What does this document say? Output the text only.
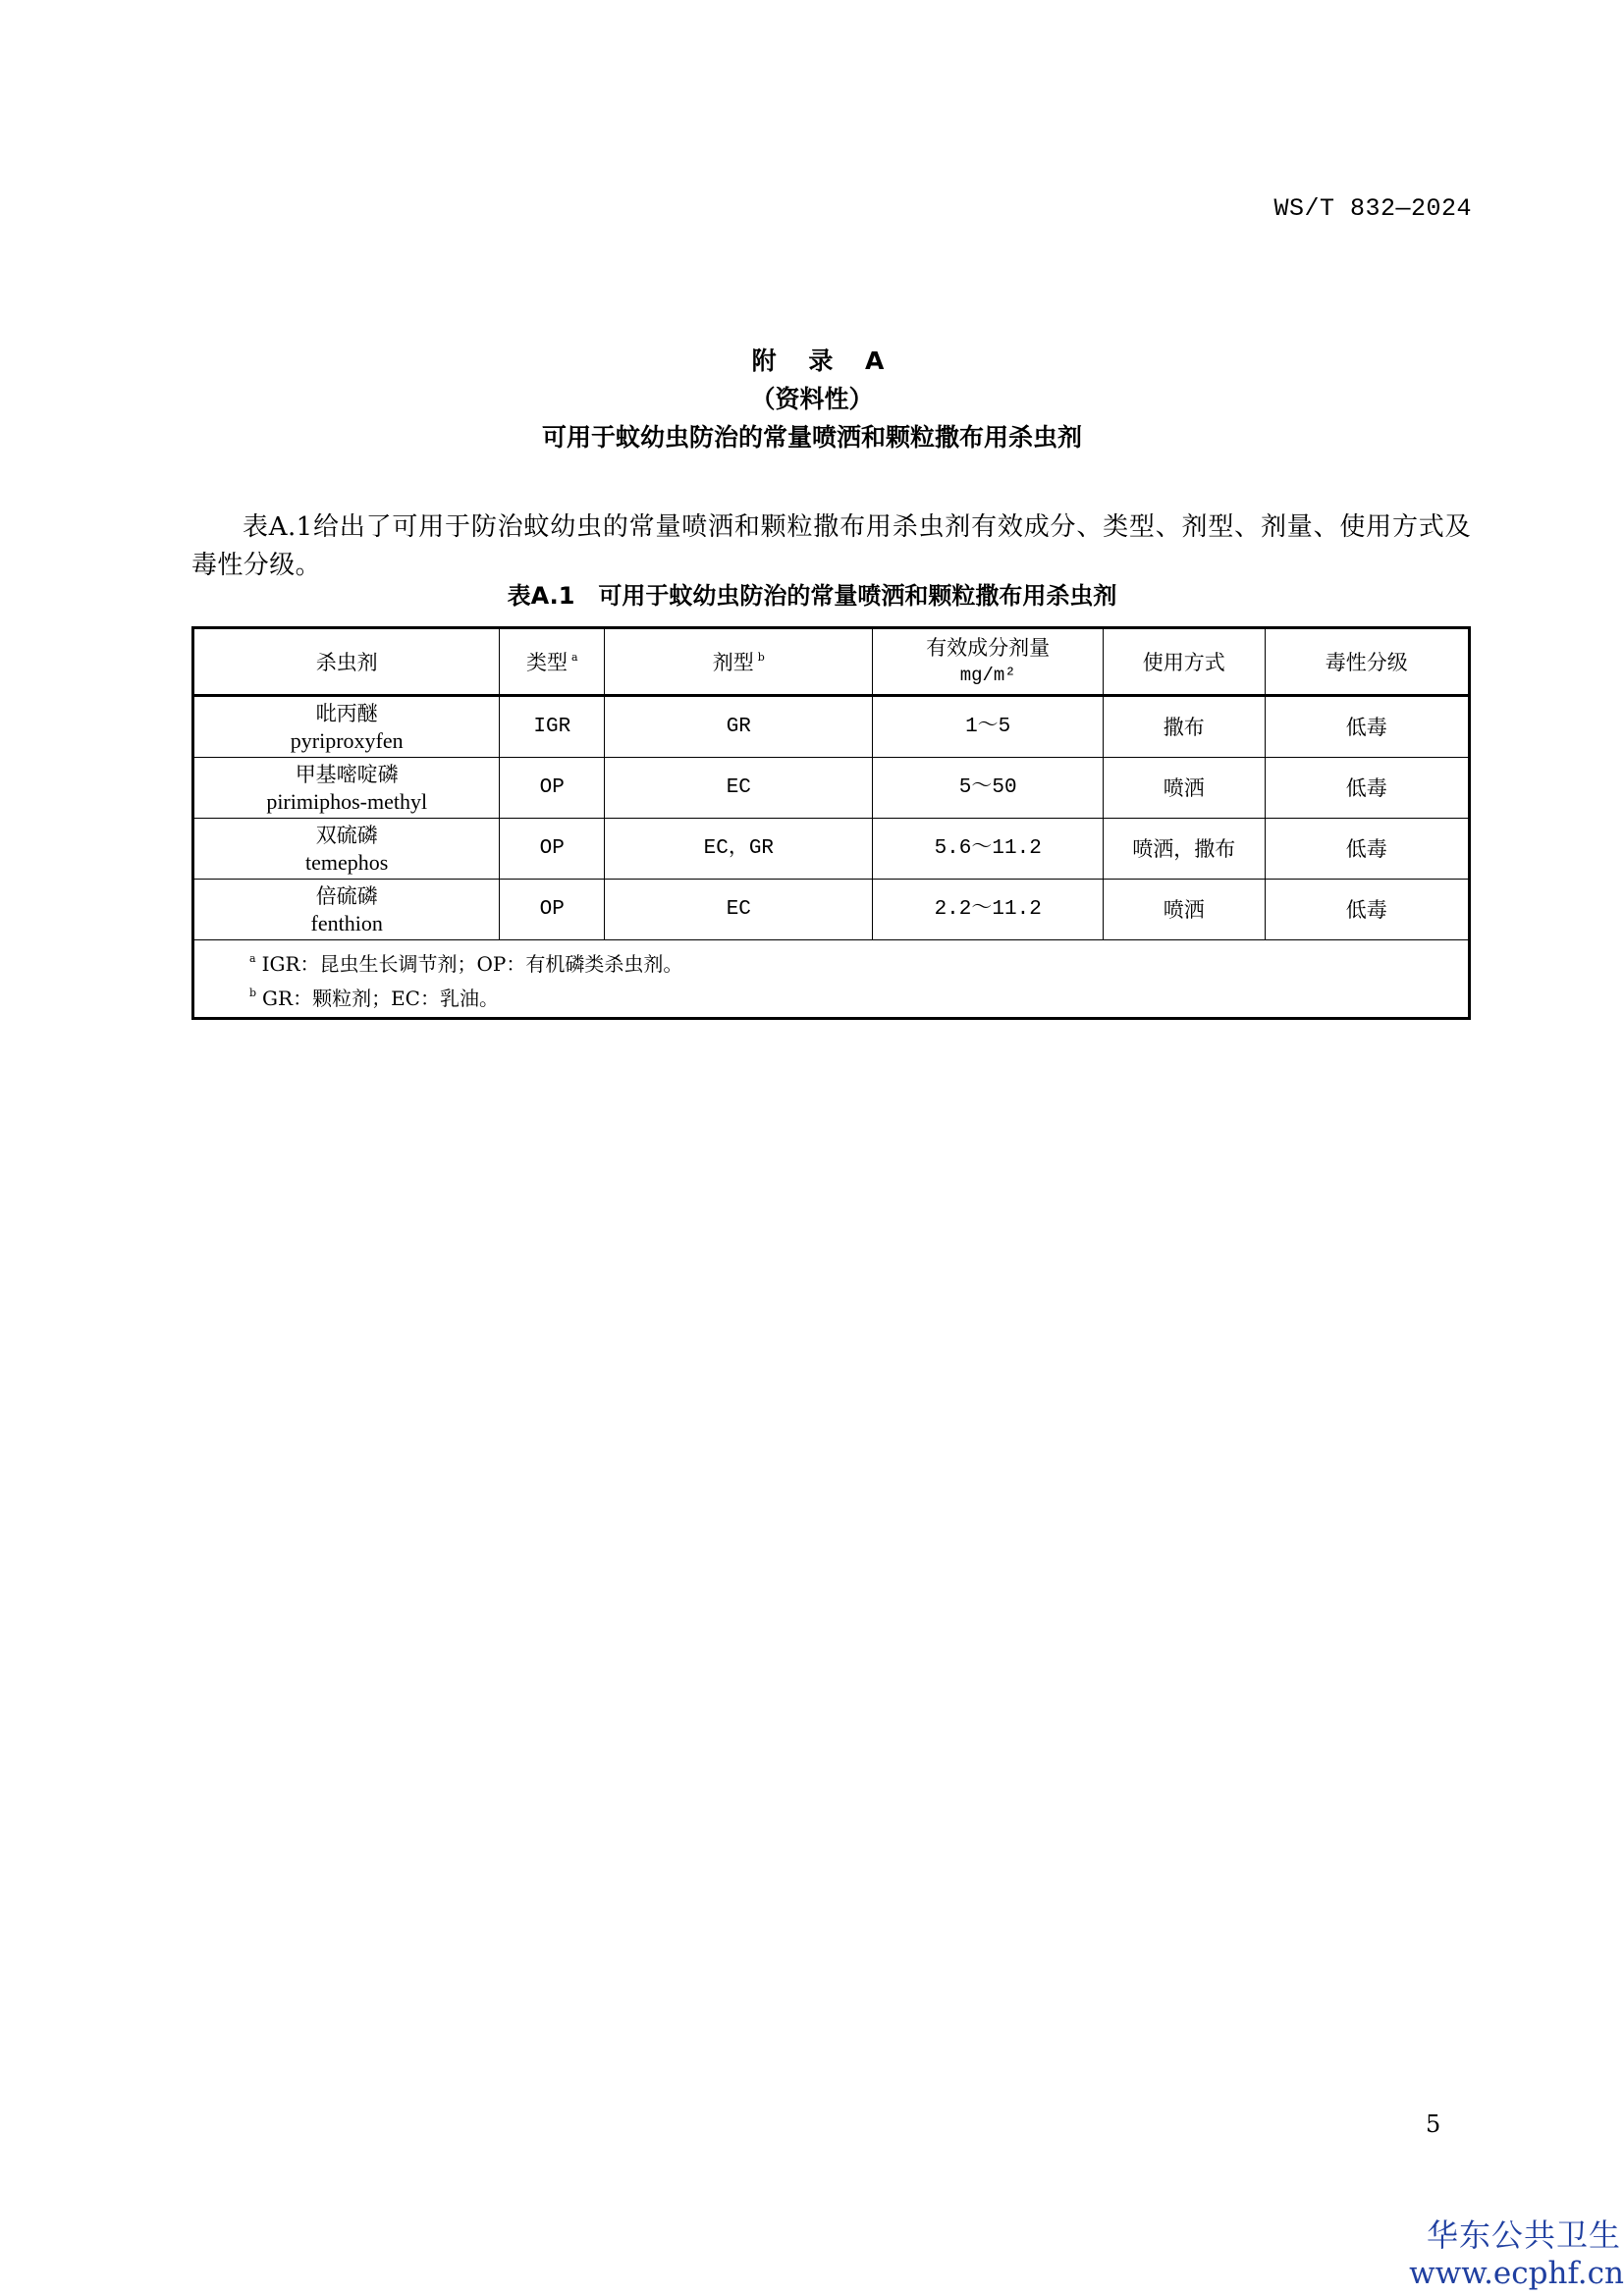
WS/T 832—2024
附 录 A
（资料性）
可用于蚊幼虫防治的常量喷洒和颗粒撒布用杀虫剂

表A.1给出了可用于防治蚊幼虫的常量喷洒和颗粒撒布用杀虫剂有效成分、类型、剂型、剂量、使用方式及毒性分级。

表A.1　可用于蚊幼虫防治的常量喷洒和颗粒撒布用杀虫剂
杀虫剂	类型 $^a$	剂型 $^b$	有效成分剂量
mg/m²	使用方式	毒性分级

吡丙醚
pyriproxyfen	IGR	GR	1～5	撒布	低毒

甲基嘧啶磷
pirimiphos-methyl	OP	EC	5～50	喷洒	低毒

双硫磷
temephos	OP	EC，GR	5.6～11.2	喷洒，撒布	低毒

倍硫磷
fenthion	OP	EC	2.2～11.2	喷洒	低毒

$^a$ IGR：昆虫生长调节剂；OP：有机磷类杀虫剂。
$^b$ GR：颗粒剂；EC：乳油。					
5
华东公共卫生
www.ecphf.cn
